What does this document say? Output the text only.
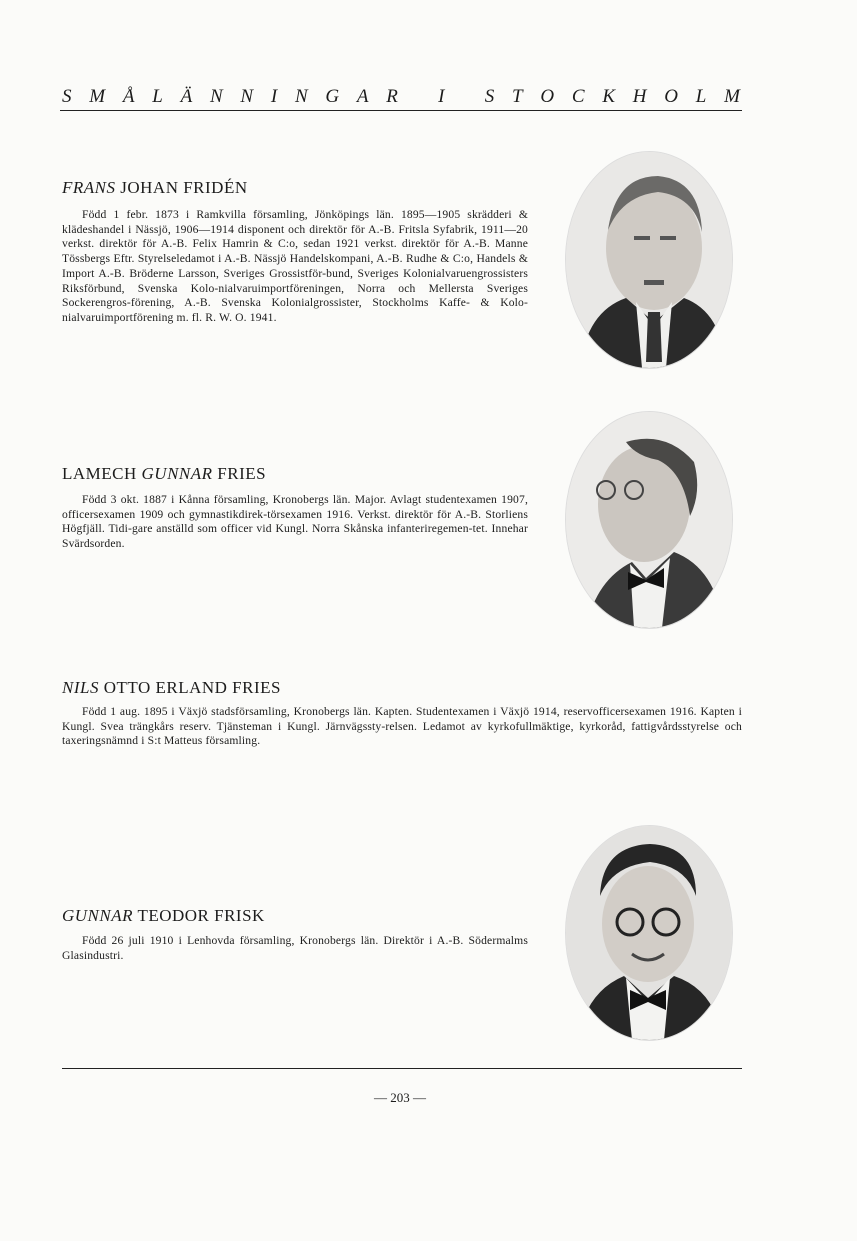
S M Å L Ä N N I N G A R
I
S T O C K H O L M
FRANS JOHAN FRIDÉN
Född 1 febr. 1873 i Ramkvilla församling, Jönköpings län. 1895—1905 skrädderi & klädeshandel i Nässjö, 1906—1914 disponent och direktör för A.-B. Fritsla Syfabrik, 1911—20 verkst. direktör för A.-B. Felix Hamrin & C:o, sedan 1921 verkst. direktör för A.-B. Manne Tössbergs Eftr. Styrelseledamot i A.-B. Nässjö Handelskompani, A.-B. Rudhe & C:o, Handels & Import A.-B. Bröderne Larsson, Sveriges Grossistför-bund, Sveriges Kolonialvaruengrossisters Riksförbund, Svenska Kolo-nialvaruimportföreningen, Norra och Mellersta Sveriges Sockerengros-förening, A.-B. Svenska Kolonialgrossister, Stockholms Kaffe- & Kolo-nialvaruimportförening m. fl. R. W. O. 1941.
LAMECH GUNNAR FRIES
Född 3 okt. 1887 i Kånna församling, Kronobergs län. Major. Avlagt studentexamen 1907, officersexamen 1909 och gymnastikdirek-törsexamen 1916. Verkst. direktör för A.-B. Storliens Högfjäll. Tidi-gare anställd som officer vid Kungl. Norra Skånska infanteriregemen-tet. Innehar Svärdsorden.
NILS OTTO ERLAND FRIES
Född 1 aug. 1895 i Växjö stadsförsamling, Kronobergs län. Kapten. Studentexamen i Växjö 1914, reservofficersexamen 1916. Kapten i Kungl. Svea trängkårs reserv. Tjänsteman i Kungl. Järnvägssty-relsen. Ledamot av kyrkofullmäktige, kyrkoråd, fattigvårdsstyrelse och taxeringsnämnd i S:t Matteus församling.
GUNNAR TEODOR FRISK
Född 26 juli 1910 i Lenhovda församling, Kronobergs län. Direktör i A.-B. Södermalms Glasindustri.
— 203 —
